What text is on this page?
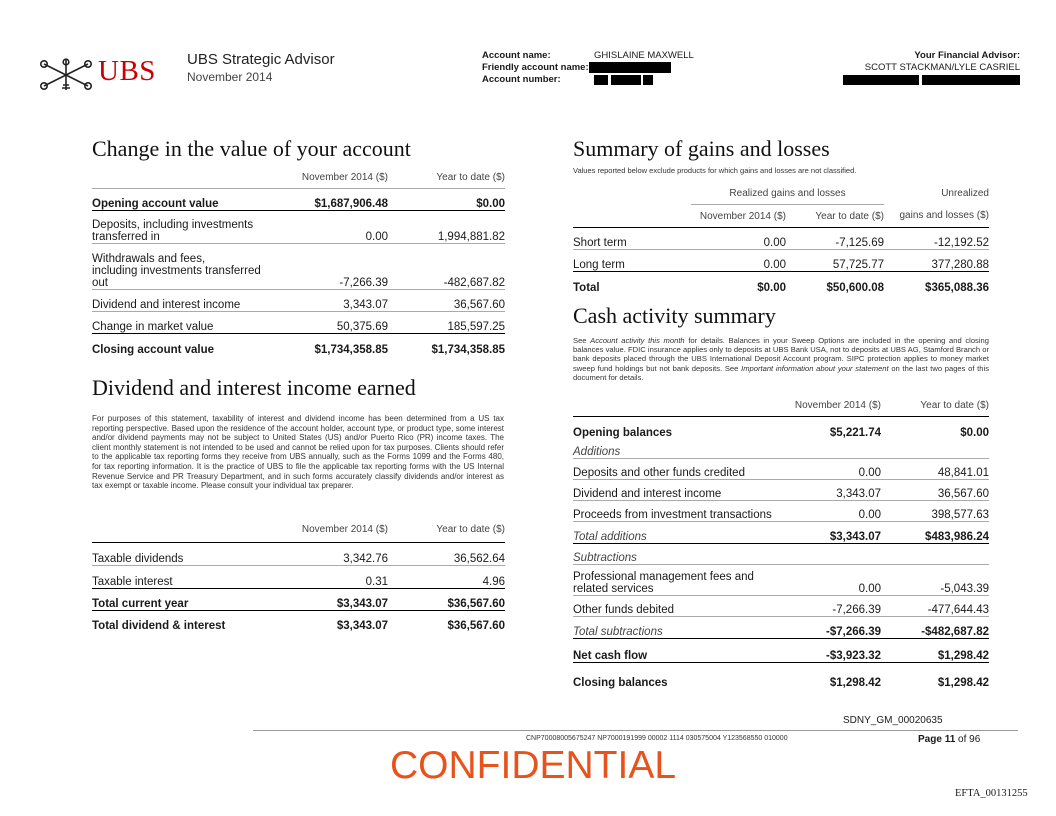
UBS UBS Strategic Advisor
November 2014
Account name:	GHISLAINE MAXWELL
Friendly account name:
Account number:
Your Financial Advisor:
SCOTT STACKMAN/LYLE CASRIEL

Change in the value of your account
	November 2014 ($)	Year to date ($)
Opening account value	$1,687,906.48	$0.00

Deposits, including investments
transferred in	0.00	1,994,881.82

Withdrawals and fees,
including investments transferred
out	-7,266.39	-482,687.82
Dividend and interest income	3,343.07	36,567.60
Change in market value	50,375.69	185,597.25
Closing account value	$1,734,358.85	$1,734,358.85
Dividend and interest income earned
For purposes of this statement, taxability of interest and dividend income has been determined from a US tax reporting perspective. Based upon the residence of the account holder, account type, or product type, some interest and/or dividend payments may not be subject to United States (US) and/or Puerto Rico (PR) income taxes. The client monthly statement is not intended to be used and cannot be relied upon for tax purposes. Clients should refer to the applicable tax reporting forms they receive from UBS annually, such as the Forms 1099 and the Forms 480, for tax reporting information. It is the practice of UBS to file the applicable tax reporting forms with the US Internal Revenue Service and PR Treasury Department, and in such forms accurately classify dividends and/or interest as tax exempt or taxable income. Please consult your individual tax preparer.
	November 2014 ($)	Year to date ($)
Taxable dividends	3,342.76	36,562.64
Taxable interest	0.31	4.96
Total current year	$3,343.07	$36,567.60
Total dividend & interest	$3,343.07	$36,567.60
Summary of gains and losses
Values reported below exclude products for which gains and losses are not classified.
	Realized gains and losses		Unrealized
	November 2014 ($)	Year to date ($)	gains and losses ($)
Short term	0.00	-7,125.69	-12,192.52
Long term	0.00	57,725.77	377,280.88
Total	$0.00	$50,600.08	$365,088.36
Cash activity summary
See Account activity this month for details. Balances in your Sweep Options are included in the opening and closing balances value. FDIC insurance applies only to deposits at UBS Bank USA, not to deposits at UBS AG, Stamford Branch or bank deposits placed through the UBS International Deposit Account program. SIPC protection applies to money market sweep fund holdings but not bank deposits. See Important information about your statement on the last two pages of this document for details.
	November 2014 ($)	Year to date ($)
Opening balances	$5,221.74	$0.00
Additions		
Deposits and other funds credited	0.00	48,841.01
Dividend and interest income	3,343.07	36,567.60
Proceeds from investment transactions	0.00	398,577.63
Total additions	$3,343.07	$483,986.24
Subtractions		

Professional management fees and
related services	0.00	-5,043.39
Other funds debited	-7,266.39	-477,644.43
Total subtractions	-$7,266.39	-$482,687.82
Net cash flow	-$3,923.32	$1,298.42
Closing balances	$1,298.42	$1,298.42
SDNY_GM_00020635
CNP70008005675247 NP7000191999 00002 1114 030575004 Y123568550 010000	Page 11 of 96
CONFIDENTIAL
EFTA_00131255
